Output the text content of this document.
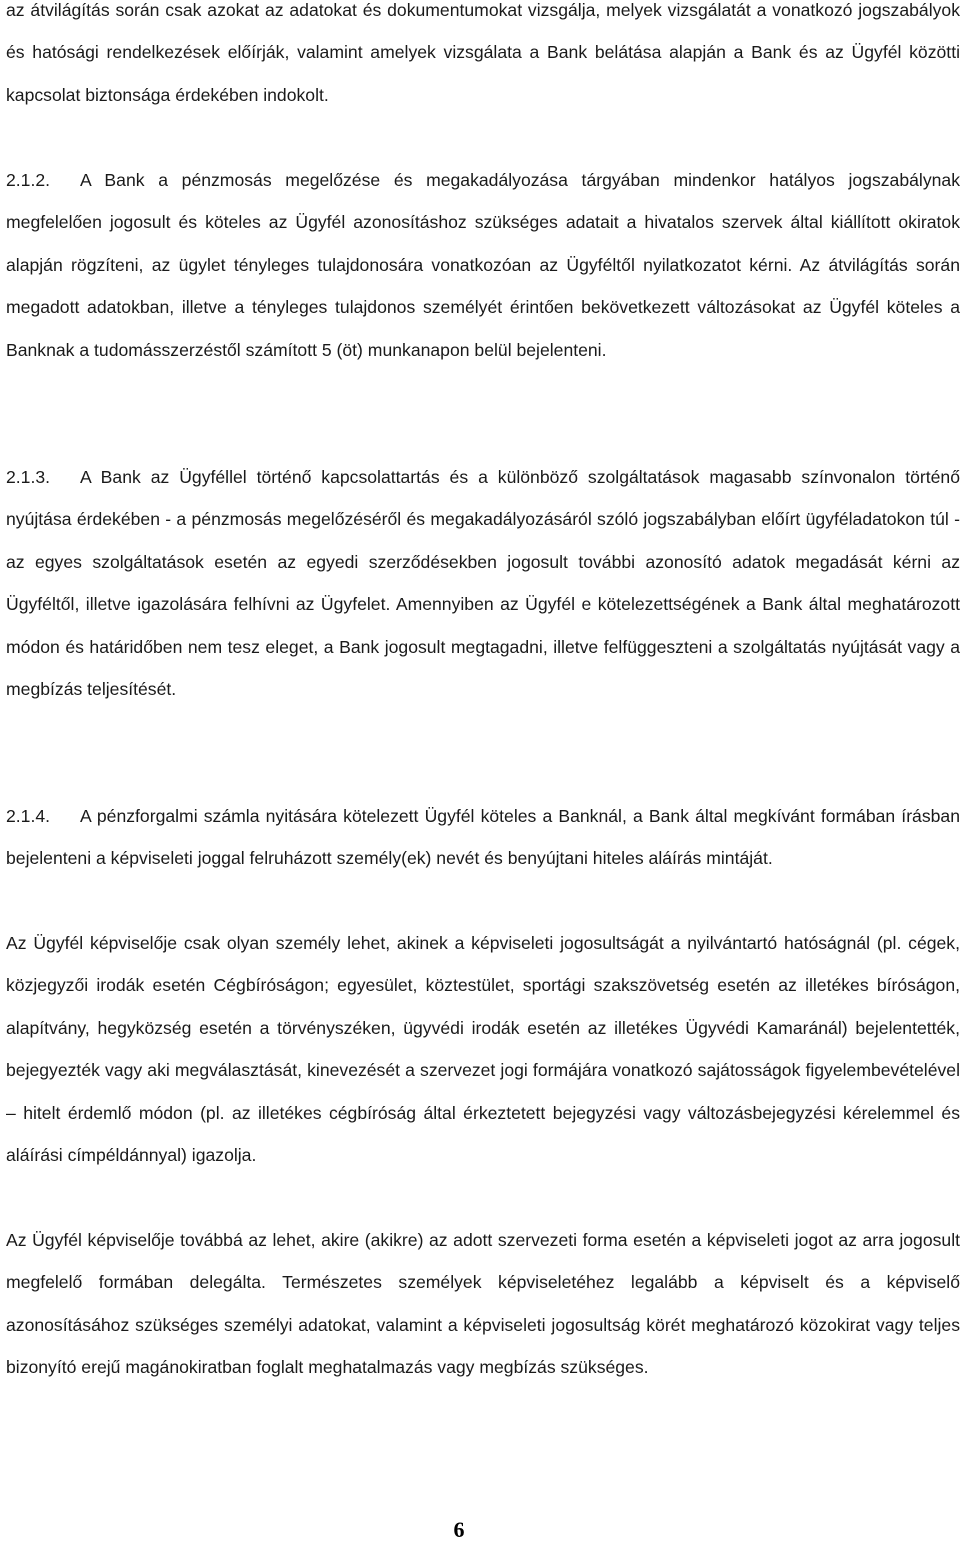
az átvilágítás során csak azokat az adatokat és dokumentumokat vizsgálja, melyek vizsgálatát a vonatkozó jogszabályok és hatósági rendelkezések előírják, valamint amelyek vizsgálata a Bank belátása alapján a Bank és az Ügyfél közötti kapcsolat biztonsága érdekében indokolt.

2.1.2. A Bank a pénzmosás megelőzése és megakadályozása tárgyában mindenkor hatályos jogszabálynak megfelelően jogosult és köteles az Ügyfél azonosításhoz szükséges adatait a hivatalos szervek által kiállított okiratok alapján rögzíteni, az ügylet tényleges tulajdonosára vonatkozóan az Ügyféltől nyilatkozatot kérni. Az átvilágítás során megadott adatokban, illetve a tényleges tulajdonos személyét érintően bekövetkezett változásokat az Ügyfél köteles a Banknak a tudomásszerzéstől számított 5 (öt) munkanapon belül bejelenteni.

2.1.3. A Bank az Ügyféllel történő kapcsolattartás és a különböző szolgáltatások magasabb színvonalon történő nyújtása érdekében - a pénzmosás megelőzéséről és megakadályozásáról szóló jogszabályban előírt ügyféladatokon túl - az egyes szolgáltatások esetén az egyedi szerződésekben jogosult további azonosító adatok megadását kérni az Ügyféltől, illetve igazolására felhívni az Ügyfelet. Amennyiben az Ügyfél e kötelezettségének a Bank által meghatározott módon és határidőben nem tesz eleget, a Bank jogosult megtagadni, illetve felfüggeszteni a szolgáltatás nyújtását vagy a megbízás teljesítését.

2.1.4. A pénzforgalmi számla nyitására kötelezett Ügyfél köteles a Banknál, a Bank által megkívánt formában írásban bejelenteni a képviseleti joggal felruházott személy(ek) nevét és benyújtani hiteles aláírás mintáját.

Az Ügyfél képviselője csak olyan személy lehet, akinek a képviseleti jogosultságát a nyilvántartó hatóságnál (pl. cégek, közjegyzői irodák esetén Cégbíróságon; egyesület, köztestület, sportági szakszövetség esetén az illetékes bíróságon, alapítvány, hegyközség esetén a törvényszéken, ügyvédi irodák esetén az illetékes Ügyvédi Kamaránál) bejelentették, bejegyezték vagy aki megválasztását, kinevezését a szervezet jogi formájára vonatkozó sajátosságok figyelembevételével – hitelt érdemlő módon (pl. az illetékes cégbíróság által érkeztetett bejegyzési vagy változásbejegyzési kérelemmel és aláírási címpéldánnyal) igazolja.

Az Ügyfél képviselője továbbá az lehet, akire (akikre) az adott szervezeti forma esetén a képviseleti jogot az arra jogosult megfelelő formában delegálta. Természetes személyek képviseletéhez legalább a képviselt és a képviselő azonosításához szükséges személyi adatokat, valamint a képviseleti jogosultság körét meghatározó közokirat vagy teljes bizonyító erejű magánokiratban foglalt meghatalmazás vagy megbízás szükséges.

6
